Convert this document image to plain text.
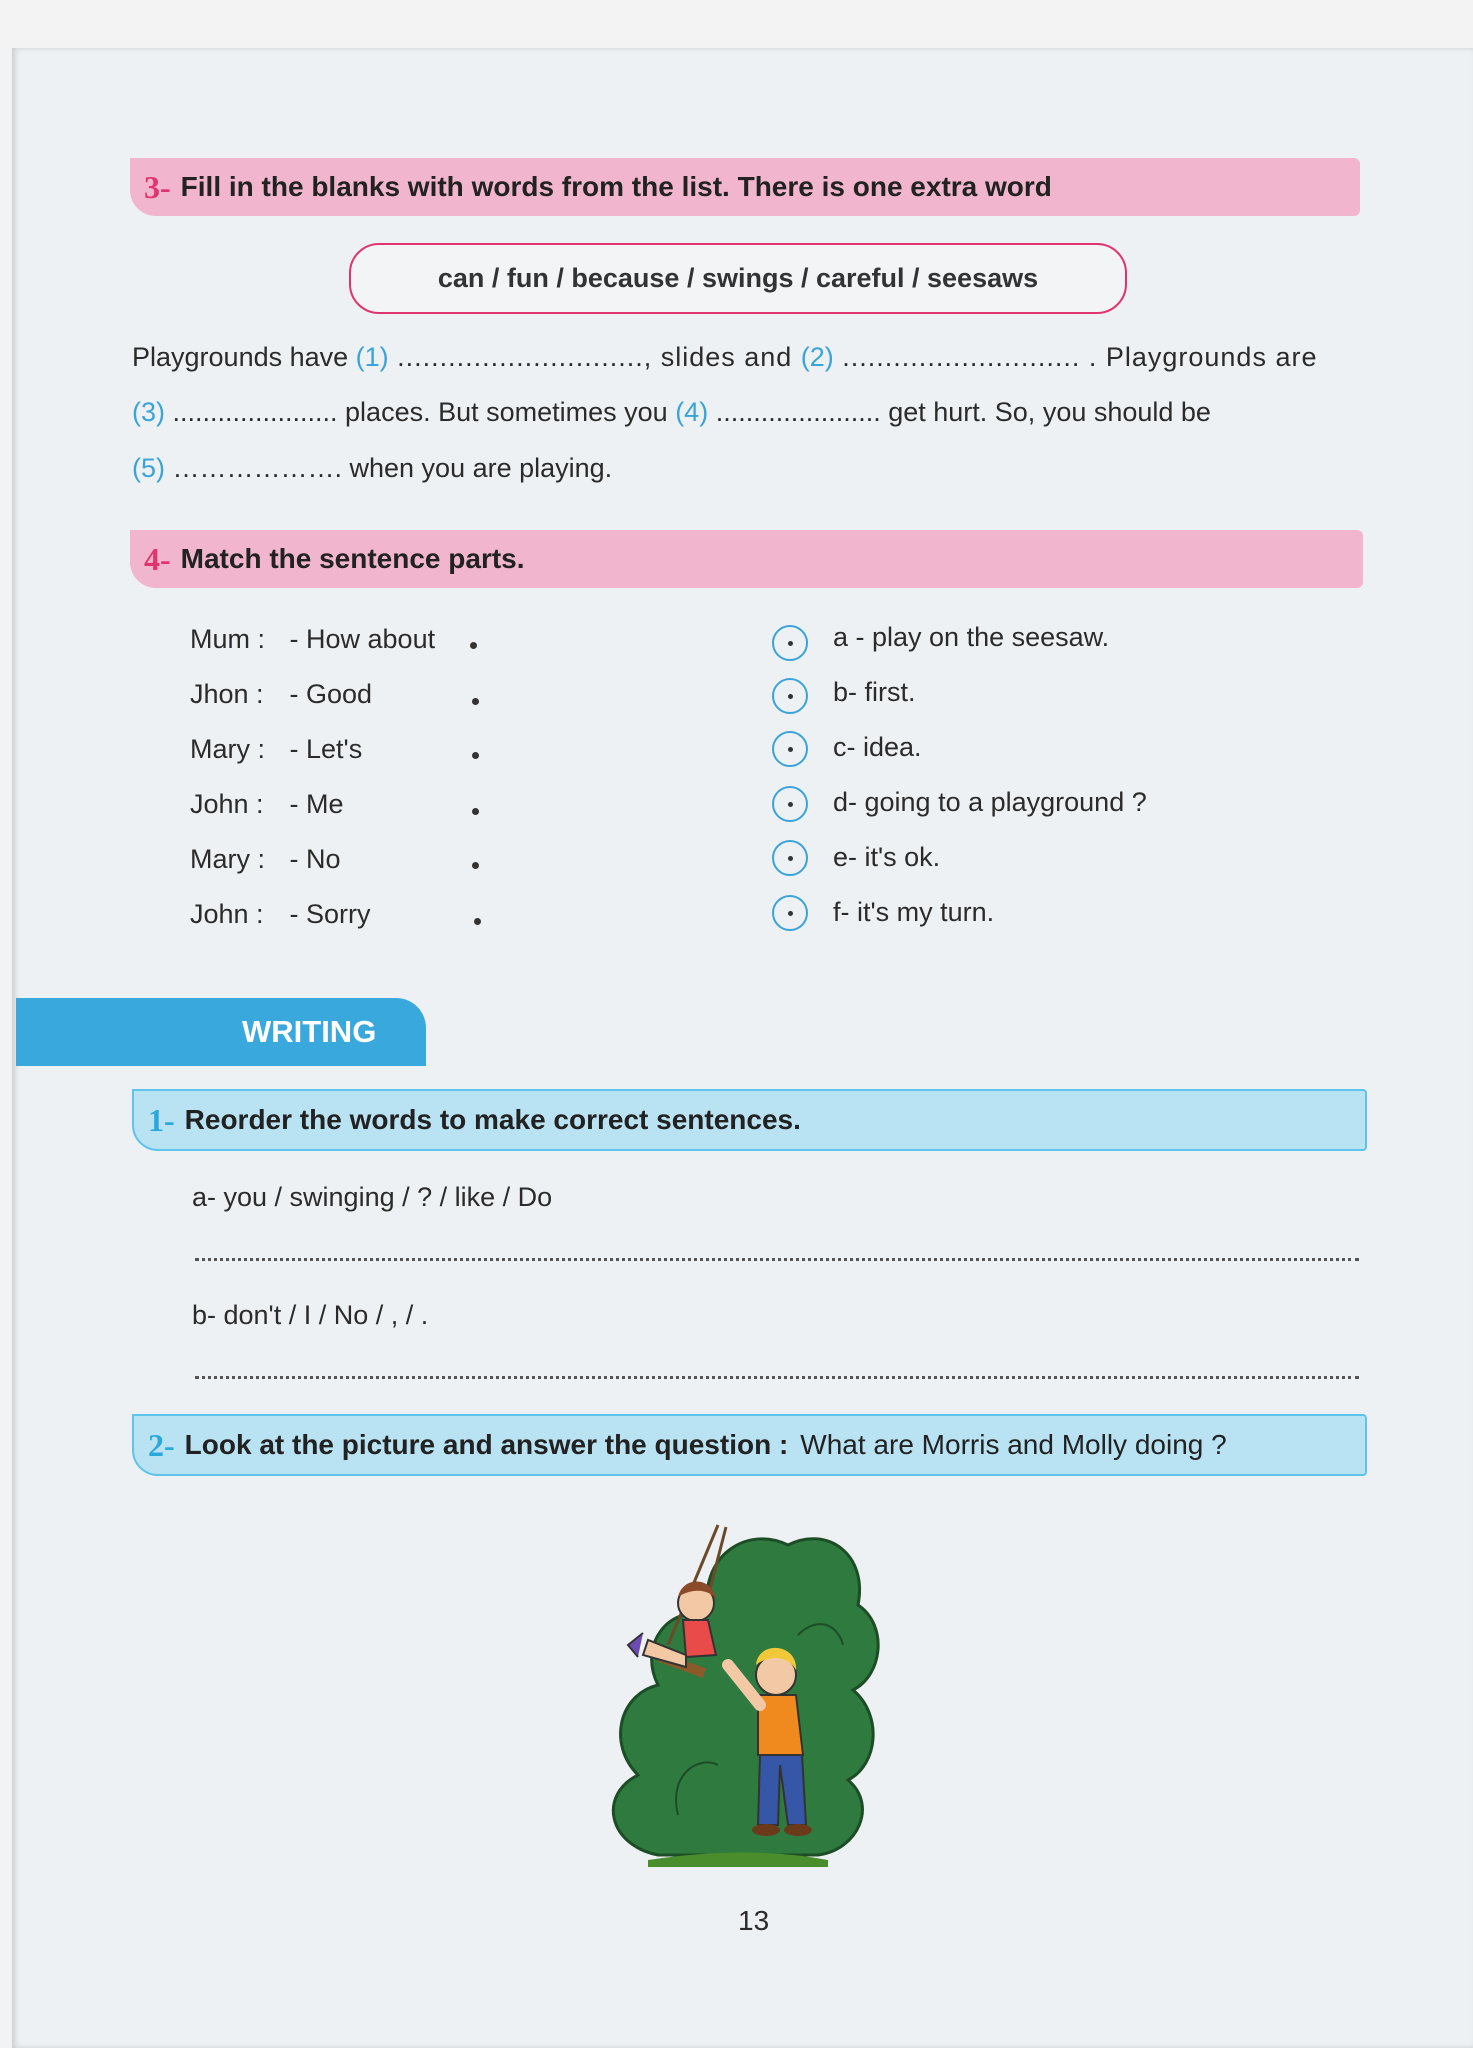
3- Fill in the blanks with words from the list. There is one extra word
can / fun / because / swings / careful / seesaws
Playgrounds have (1) ............................., slides and (2) ............................ . Playgrounds are
(3) ...................... places. But sometimes you (4) ...................... get hurt. So, you should be
(5) ………………. when you are playing.
4- Match the sentence parts.
Mum : - How about
Jhon : - Good
Mary : - Let's
John : - Me
Mary : - No
John : - Sorry
a - play on the seesaw.
b- first.
c- idea.
d- going to a playground ?
e- it's ok.
f- it's my turn.
WRITING
1- Reorder the words to make correct sentences.
a- you / swinging / ? / like / Do
b- don't / I / No / , / .
2- Look at the picture and answer the question : What are Morris and Molly doing ?
13
